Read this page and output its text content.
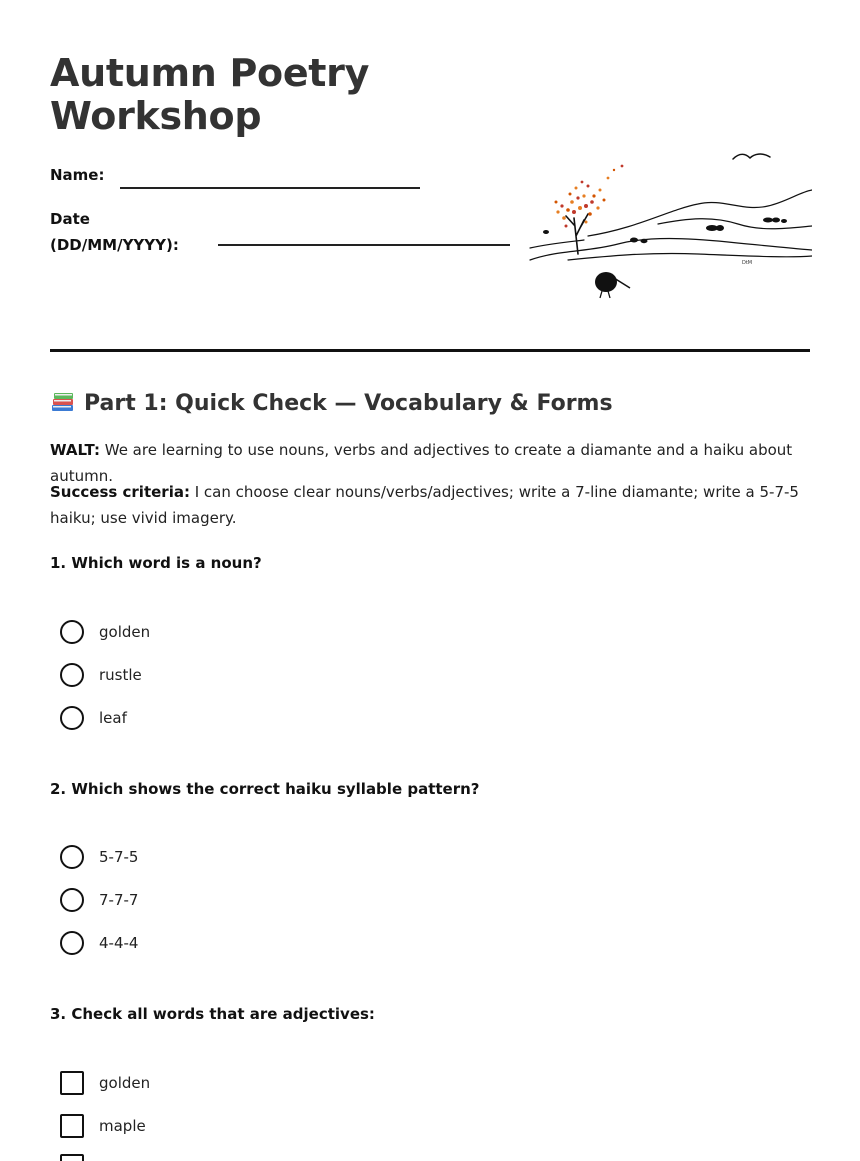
Autumn Poetry
Workshop
Name:
Date
(DD/MM/YYYY):
DtM
Part 1: Quick Check — Vocabulary & Forms

WALT: We are learning to use nouns, verbs and adjectives to create a diamante and a haiku about autumn.

Success criteria: I can choose clear nouns/verbs/adjectives; write a 7-line diamante; write a 5-7-5 haiku; use vivid imagery.

1. Which word is a noun?

golden
rustle
leaf

2. Which shows the correct haiku syllable pattern?

5-7-5
7-7-7
4-4-4

3. Check all words that are adjectives:

golden
maple
